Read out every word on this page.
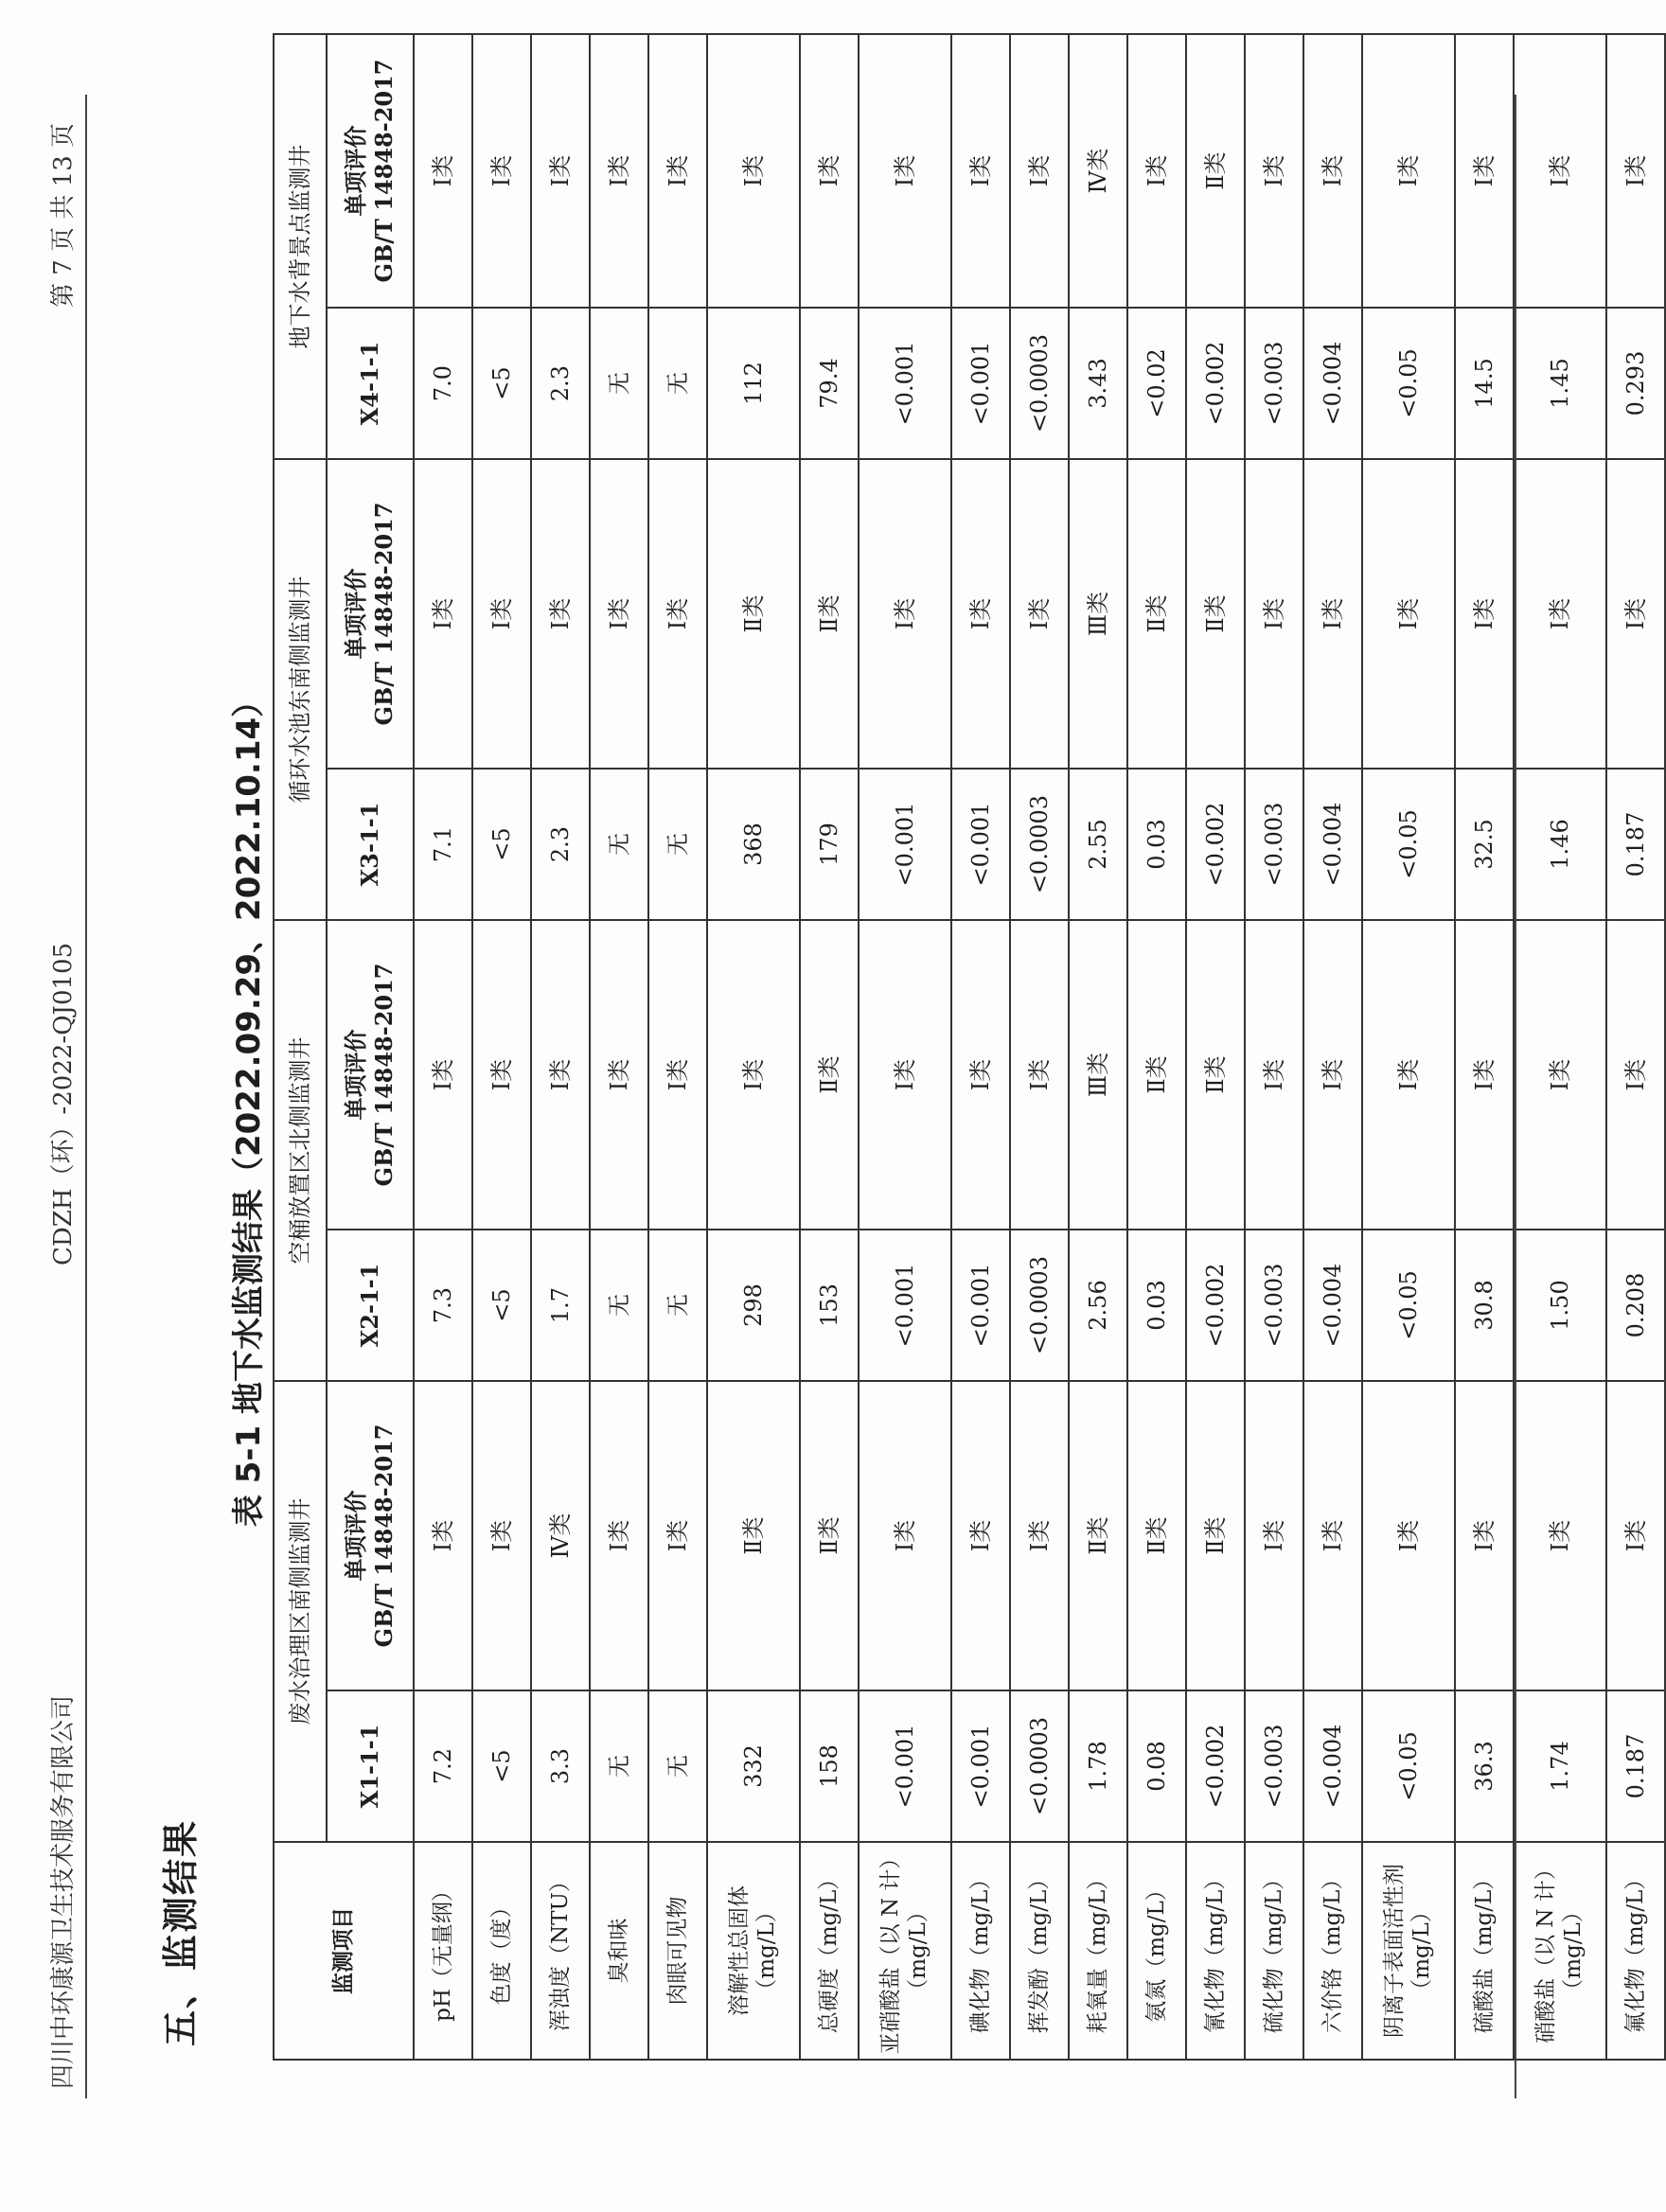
四川中环康源卫生技术服务有限公司
CDZH（环）-2022-QJ0105
第 7 页 共 13 页
五、监测结果
表 5-1 地下水监测结果（2022.09.29、2022.10.14）
监测项目	废水治理区南侧监测井		空桶放置区北侧监测井		循环水池东南侧监测井		地下水背景点监测井	
	X1-1-1	单项评价
GB/T 14848-2017	X2-1-1	单项评价
GB/T 14848-2017	X3-1-1	单项评价
GB/T 14848-2017	X4-1-1	单项评价
GB/T 14848-2017
pH（无量纲）	7.2	Ⅰ类	7.3	Ⅰ类	7.1	Ⅰ类	7.0	Ⅰ类
色度（度）	<5	Ⅰ类	<5	Ⅰ类	<5	Ⅰ类	<5	Ⅰ类
浑浊度（NTU）	3.3	Ⅳ类	1.7	Ⅰ类	2.3	Ⅰ类	2.3	Ⅰ类
臭和味	无	Ⅰ类	无	Ⅰ类	无	Ⅰ类	无	Ⅰ类
肉眼可见物	无	Ⅰ类	无	Ⅰ类	无	Ⅰ类	无	Ⅰ类
溶解性总固体
（mg/L）	332	Ⅱ类	298	Ⅰ类	368	Ⅱ类	112	Ⅰ类
总硬度（mg/L）	158	Ⅱ类	153	Ⅱ类	179	Ⅱ类	79.4	Ⅰ类
亚硝酸盐（以 N 计）
（mg/L）	<0.001	Ⅰ类	<0.001	Ⅰ类	<0.001	Ⅰ类	<0.001	Ⅰ类
碘化物（mg/L）	<0.001	Ⅰ类	<0.001	Ⅰ类	<0.001	Ⅰ类	<0.001	Ⅰ类
挥发酚（mg/L）	<0.0003	Ⅰ类	<0.0003	Ⅰ类	<0.0003	Ⅰ类	<0.0003	Ⅰ类
耗氧量（mg/L）	1.78	Ⅱ类	2.56	Ⅲ类	2.55	Ⅲ类	3.43	Ⅳ类
氨氮（mg/L）	0.08	Ⅱ类	0.03	Ⅱ类	0.03	Ⅱ类	<0.02	Ⅰ类
氰化物（mg/L）	<0.002	Ⅱ类	<0.002	Ⅱ类	<0.002	Ⅱ类	<0.002	Ⅱ类
硫化物（mg/L）	<0.003	Ⅰ类	<0.003	Ⅰ类	<0.003	Ⅰ类	<0.003	Ⅰ类
六价铬（mg/L）	<0.004	Ⅰ类	<0.004	Ⅰ类	<0.004	Ⅰ类	<0.004	Ⅰ类
阴离子表面活性剂
（mg/L）	<0.05	Ⅰ类	<0.05	Ⅰ类	<0.05	Ⅰ类	<0.05	Ⅰ类
硫酸盐（mg/L）	36.3	Ⅰ类	30.8	Ⅰ类	32.5	Ⅰ类	14.5	Ⅰ类
硝酸盐（以 N 计）
（mg/L）	1.74	Ⅰ类	1.50	Ⅰ类	1.46	Ⅰ类	1.45	Ⅰ类
氟化物（mg/L）	0.187	Ⅰ类	0.208	Ⅰ类	0.187	Ⅰ类	0.293	Ⅰ类
